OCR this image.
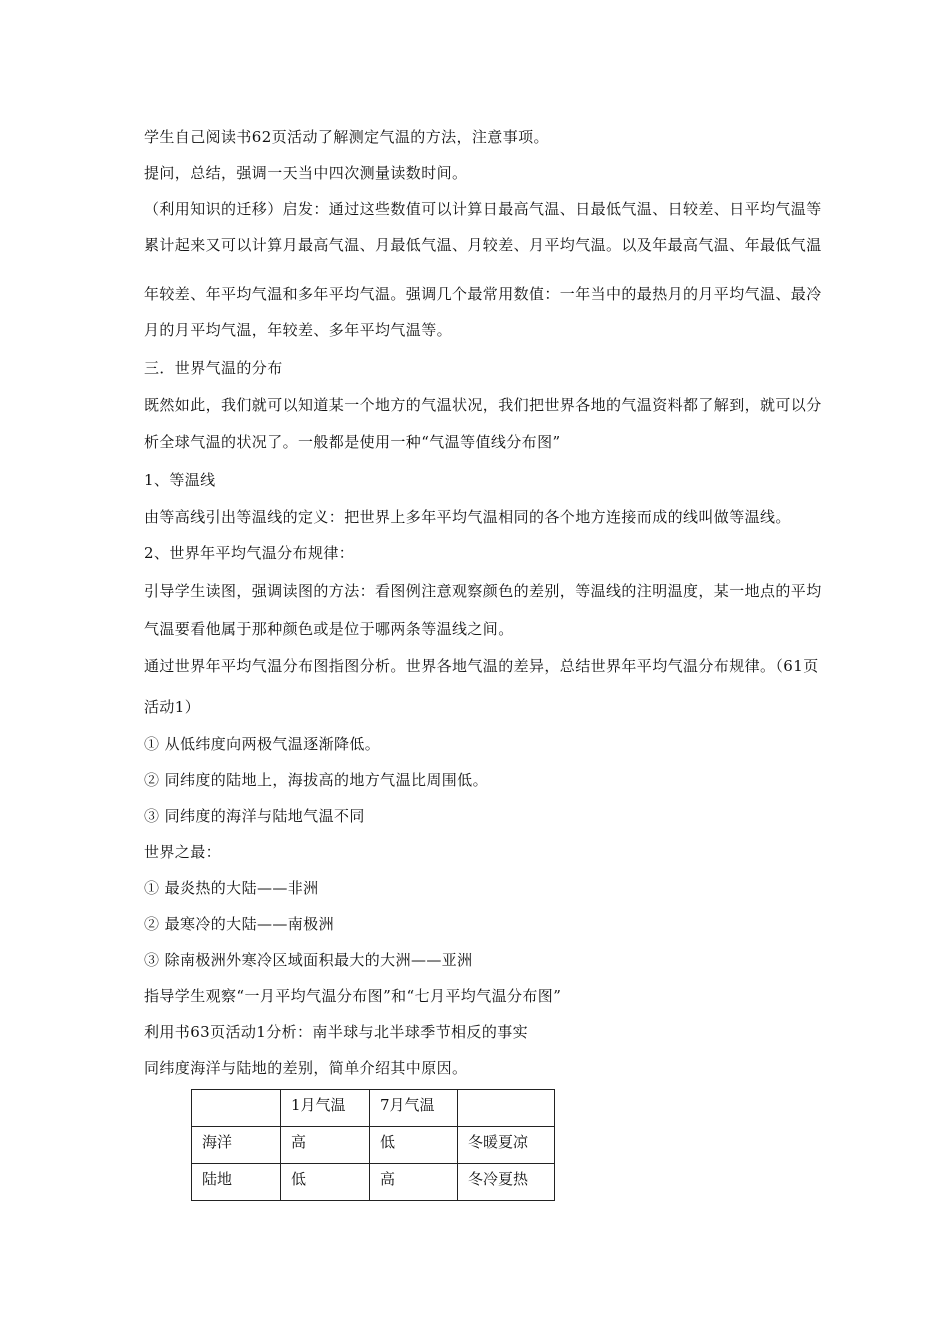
学生自己阅读书62页活动了解测定气温的方法，注意事项。
提问，总结，强调一天当中四次测量读数时间。
（利用知识的迁移）启发：通过这些数值可以计算日最高气温、日最低气温、日较差、日平均气温等
累计起来又可以计算月最高气温、月最低气温、月较差、月平均气温。以及年最高气温、年最低气温
年较差、年平均气温和多年平均气温。强调几个最常用数值：一年当中的最热月的月平均气温、最冷
月的月平均气温，年较差、多年平均气温等。
三．世界气温的分布
既然如此，我们就可以知道某一个地方的气温状况，我们把世界各地的气温资料都了解到，就可以分
析全球气温的状况了。一般都是使用一种“气温等值线分布图”
1、等温线
由等高线引出等温线的定义：把世界上多年平均气温相同的各个地方连接而成的线叫做等温线。
2、世界年平均气温分布规律：
引导学生读图，强调读图的方法：看图例注意观察颜色的差别，等温线的注明温度，某一地点的平均
气温要看他属于那种颜色或是位于哪两条等温线之间。
通过世界年平均气温分布图指图分析。世界各地气温的差异，总结世界年平均气温分布规律。（61页
活动1）
① 从低纬度向两极气温逐渐降低。
② 同纬度的陆地上，海拔高的地方气温比周围低。
③ 同纬度的海洋与陆地气温不同
世界之最：
① 最炎热的大陆——非洲
② 最寒冷的大陆——南极洲
③ 除南极洲外寒冷区域面积最大的大洲——亚洲
指导学生观察“一月平均气温分布图”和“七月平均气温分布图”
利用书63页活动1分析：南半球与北半球季节相反的事实
同纬度海洋与陆地的差别，简单介绍其中原因。
	1月气温	7月气温	
海洋	高	低	冬暖夏凉
陆地	低	高	冬冷夏热
